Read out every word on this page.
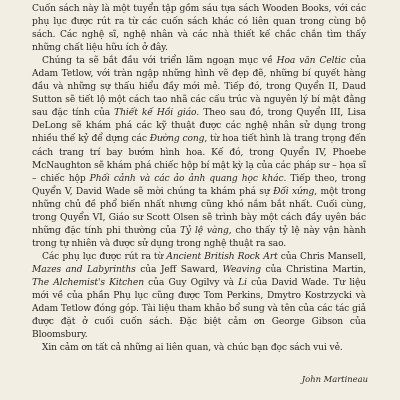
Cuốn sách này là một tuyển tập gồm sáu tựa sách Wooden Books, với các phụ lục được rút ra từ các cuốn sách khác có liên quan trong cùng bộ sách. Các nghệ sĩ, nghệ nhân và các nhà thiết kế chắc chắn tìm thấy những chất liệu hữu ích ở đây.

Chúng ta sẽ bắt đầu với triển lãm ngoạn mục về Hoa văn Celtic của Adam Tetlow, với tràn ngập những hình vẽ đẹp đẽ, những bí quyết hàng đầu và những sự thấu hiểu đầy mới mẻ. Tiếp đó, trong Quyển II, Daud Sutton sẽ tiết lộ một cách tao nhã các cấu trúc và nguyên lý bí mật đằng sau đặc tính của Thiết kế Hồi giáo. Theo sau đó, trong Quyển III, Lisa DeLong sẽ khám phá các kỹ thuật được các nghệ nhân sử dụng trong nhiều thế kỷ để dựng các Đường cong, từ hoa tiết hình là trang trọng đến cách trang trí bay bướm hình hoa. Kế đó, trong Quyển IV, Phoebe McNaughton sẽ khám phá chiếc hộp bí mật kỳ lạ của các pháp sư – họa sĩ – chiếc hộp Phối cảnh và các ảo ảnh quang học khác. Tiếp theo, trong Quyển V, David Wade sẽ mời chúng ta khám phá sự Đối xứng, một trong những chủ đề phổ biến nhất nhưng cũng khó nắm bắt nhất. Cuối cùng, trong Quyển VI, Giáo sư Scott Olsen sẽ trình bày một cách đầy uyên bác những đặc tính phi thường của Tỷ lệ vàng, cho thấy tỷ lệ này vận hành trong tự nhiên và được sử dụng trong nghệ thuật ra sao.

Các phụ lục được rút ra từ Ancient British Rock Art của Chris Mansell, Mazes and Labyrinths của Jeff Saward, Weaving của Christina Martin, The Alchemist's Kitchen của Guy Ogilvy và Li của David Wade. Tư liệu mới về của phần Phụ lục cũng được Tom Perkins, Dmytro Kostrzycki và Adam Tetlow đóng góp. Tài liệu tham khảo bổ sung và tên của các tác giả được đặt ở cuối cuốn sách. Đặc biệt cảm ơn George Gibson của Bloomsbury.

Xin cảm ơn tất cả những ai liên quan, và chúc bạn đọc sách vui vẻ.

John Martineau
